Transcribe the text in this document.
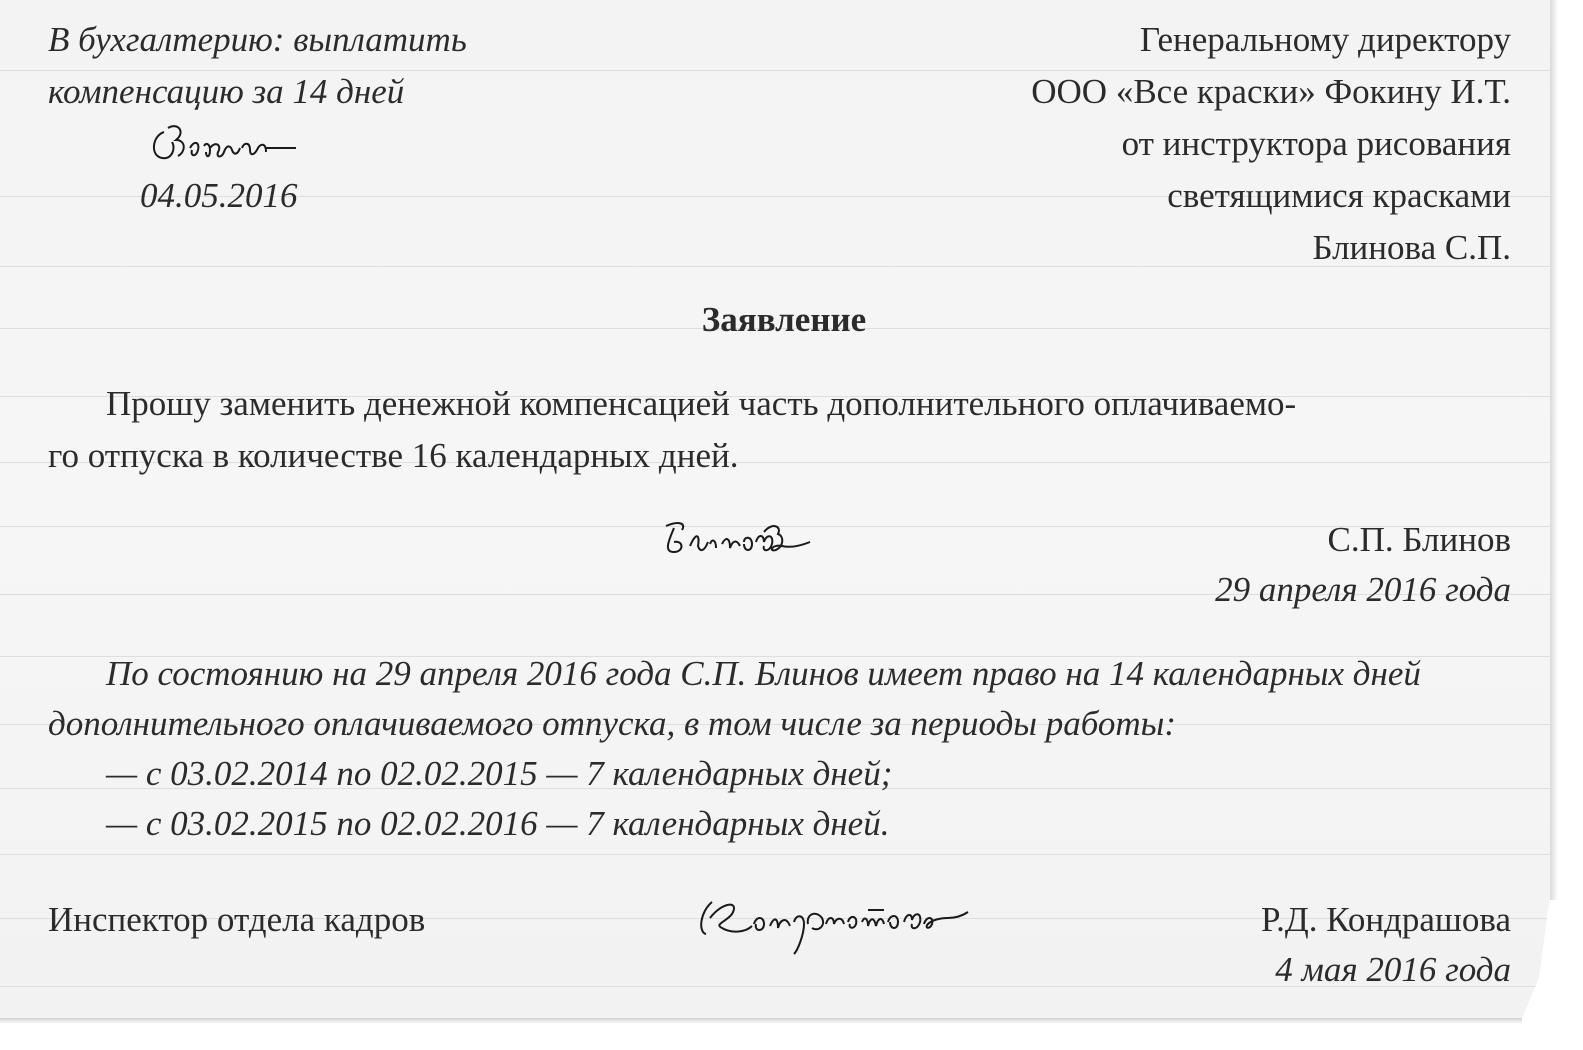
В бухгалтерию: выплатить
компенсацию за 14 дней
04.05.2016
Генеральному директору
ООО «Все краски» Фокину И.Т.
от инструктора рисования
светящимися красками
Блинова С.П.
Заявление
Прошу заменить денежной компенсацией часть дополнительного оплачиваемо-
го отпуска в количестве 16 календарных дней.
С.П. Блинов
29 апреля 2016 года
По состоянию на 29 апреля 2016 года С.П. Блинов имеет право на 14 календарных дней
дополнительного оплачиваемого отпуска, в том числе за периоды работы:
— с 03.02.2014 по 02.02.2015 — 7 календарных дней;
— с 03.02.2015 по 02.02.2016 — 7 календарных дней.
Инспектор отдела кадров	Р.Д. Кондрашова
4 мая 2016 года
